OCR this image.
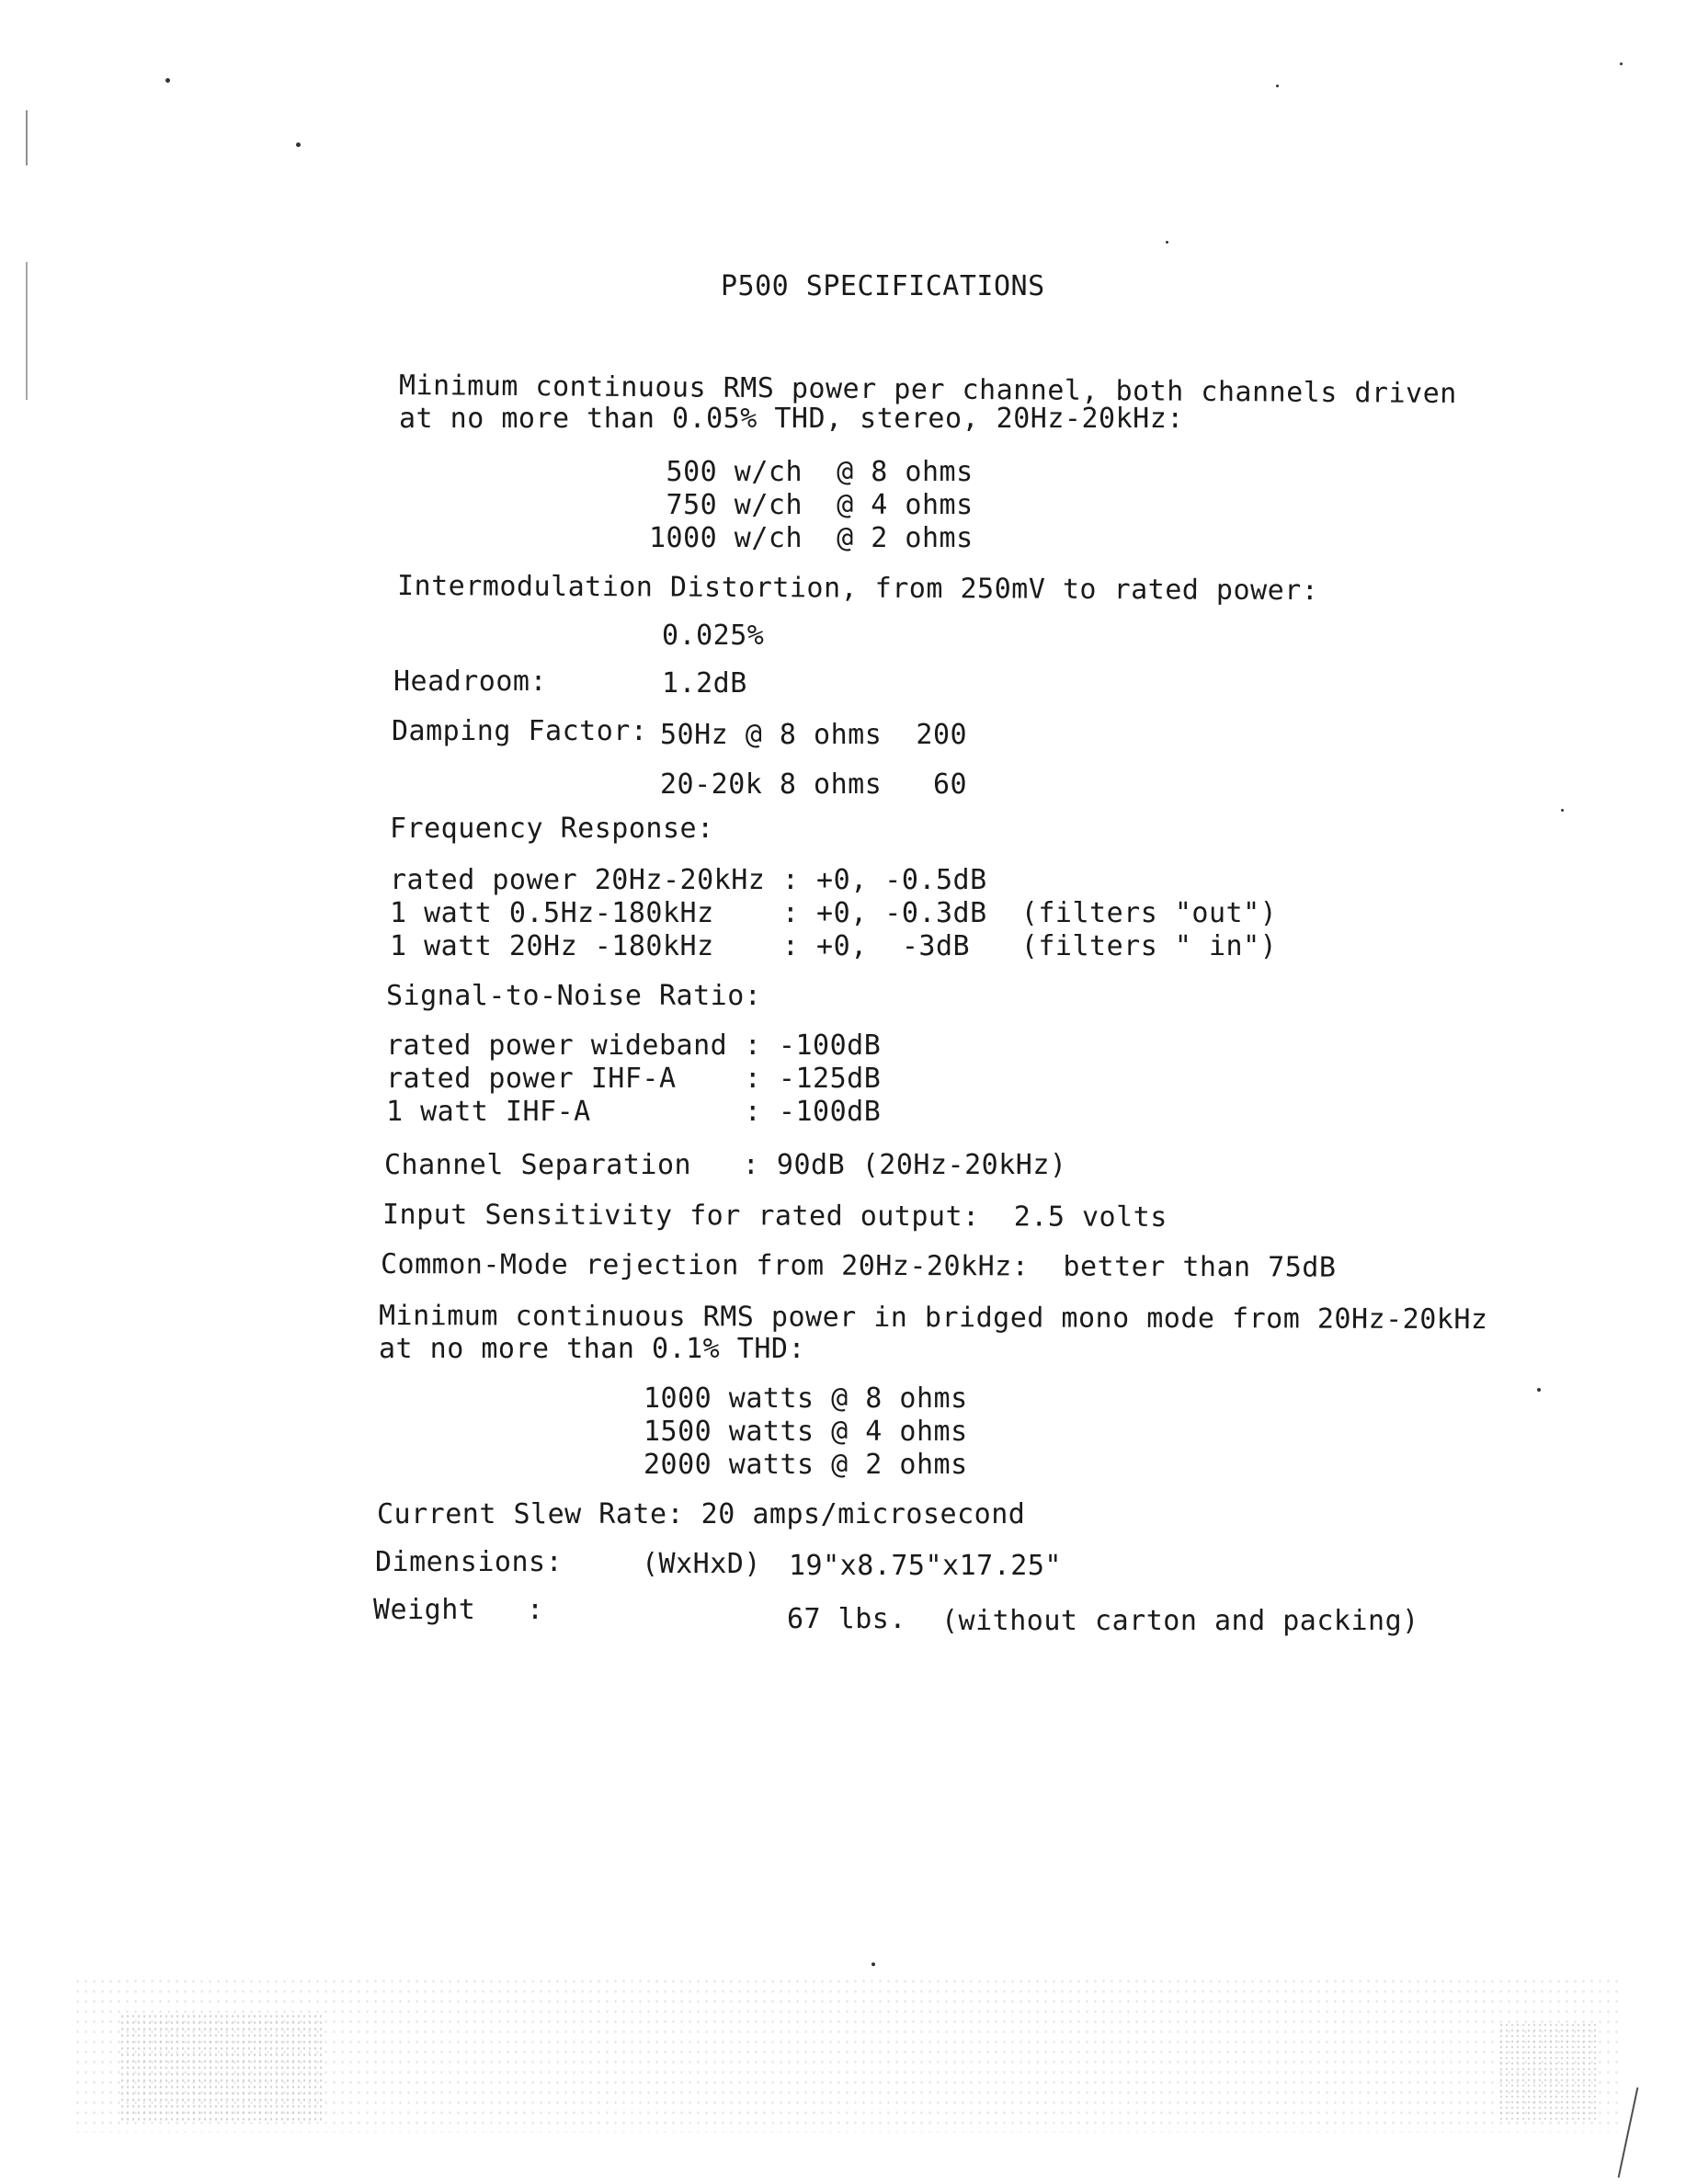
P500 SPECIFICATIONS
Minimum continuous RMS power per channel, both channels driven
at no more than 0.05% THD, stereo, 20Hz-20kHz:
500 w/ch  @ 8 ohms
750 w/ch  @ 4 ohms
1000 w/ch  @ 2 ohms
Intermodulation Distortion, from 250mV to rated power:
0.025%
Headroom:	1.2dB
Damping Factor: 50Hz @ 8 ohms  200
20-20k 8 ohms   60
Frequency Response:
rated power 20Hz-20kHz : +0, -0.5dB
1 watt 0.5Hz-180kHz    : +0, -0.3dB  (filters "out")
1 watt 20Hz -180kHz    : +0,  -3dB   (filters " in")
Signal-to-Noise Ratio:
rated power wideband : -100dB
rated power IHF-A    : -125dB
1 watt IHF-A         : -100dB
Channel Separation   : 90dB (20Hz-20kHz)
Input Sensitivity for rated output:  2.5 volts
Common-Mode rejection from 20Hz-20kHz:  better than 75dB
Minimum continuous RMS power in bridged mono mode from 20Hz-20kHz
at no more than 0.1% THD:
1000 watts @ 8 ohms
1500 watts @ 4 ohms
2000 watts @ 2 ohms
Current Slew Rate: 20 amps/microsecond
Dimensions:	(WxHxD) 19"x8.75"x17.25"
Weight   :	67 lbs. (without carton and packing)
